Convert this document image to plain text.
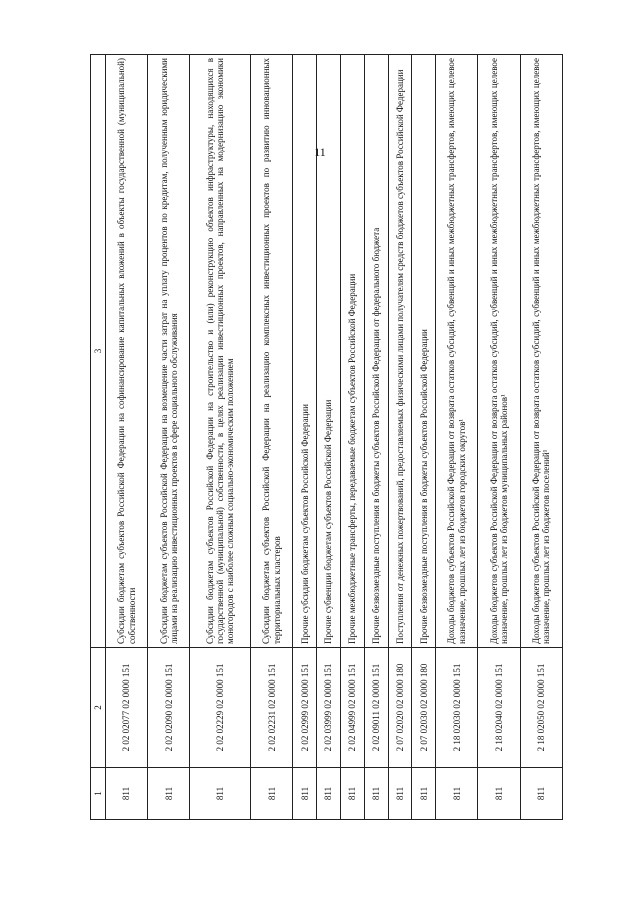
11
1	2	3
811	2 02 02077 02 0000 151	Субсидии бюджетам субъектов Российской Федерации на софинансирование капитальных вложений в объекты государственной (муниципальной) собственности
811	2 02 02090 02 0000 151	Субсидии бюджетам субъектов Российской Федерации на возмещение части затрат на уплату процентов по кредитам, полученным юридическими лицами на реализацию инвестиционных проектов в сфере социального обслуживания
811	2 02 02229 02 0000 151	Субсидии бюджетам субъектов Российской Федерации на строительство и (или) реконструкцию объектов инфраструктуры, находящихся в государственной (муниципальной) собственности, в целях реализации инвестиционных проектов, направленных на модернизацию экономики моногородов с наиболее сложным социально-экономическим положением
811	2 02 02231 02 0000 151	Субсидии бюджетам субъектов Российской Федерации на реализацию комплексных инвестиционных проектов по развитию инновационных территориальных кластеров
811	2 02 02999 02 0000 151	Прочие субсидии бюджетам субъектов Российской Федерации
811	2 02 03999 02 0000 151	Прочие субвенции бюджетам субъектов Российской Федерации
811	2 02 04999 02 0000 151	Прочие межбюджетные трансферты, передаваемые бюджетам субъектов Российской Федерации
811	2 02 09011 02 0000 151	Прочие безвозмездные поступления в бюджеты субъектов Российской Федерации от федерального бюджета
811	2 07 02020 02 0000 180	Поступления от денежных пожертвований, предоставляемых физическими лицами получателям средств бюджетов субъектов Российской Федерации
811	2 07 02030 02 0000 180	Прочие безвозмездные поступления в бюджеты субъектов Российской Федерации
811	2 18 02030 02 0000 151	Доходы бюджетов субъектов Российской Федерации от возврата остатков субсидий, субвенций и иных межбюджетных трансфертов, имеющих целевое назначение, прошлых лет из бюджетов городских округов¹
811	2 18 02040 02 0000 151	Доходы бюджетов субъектов Российской Федерации от возврата остатков субсидий, субвенций и иных межбюджетных трансфертов, имеющих целевое назначение, прошлых лет из бюджетов муниципальных районов¹
811	2 18 02050 02 0000 151	Доходы бюджетов субъектов Российской Федерации от возврата остатков субсидий, субвенций и иных межбюджетных трансфертов, имеющих целевое назначение, прошлых лет из бюджетов поселений¹
